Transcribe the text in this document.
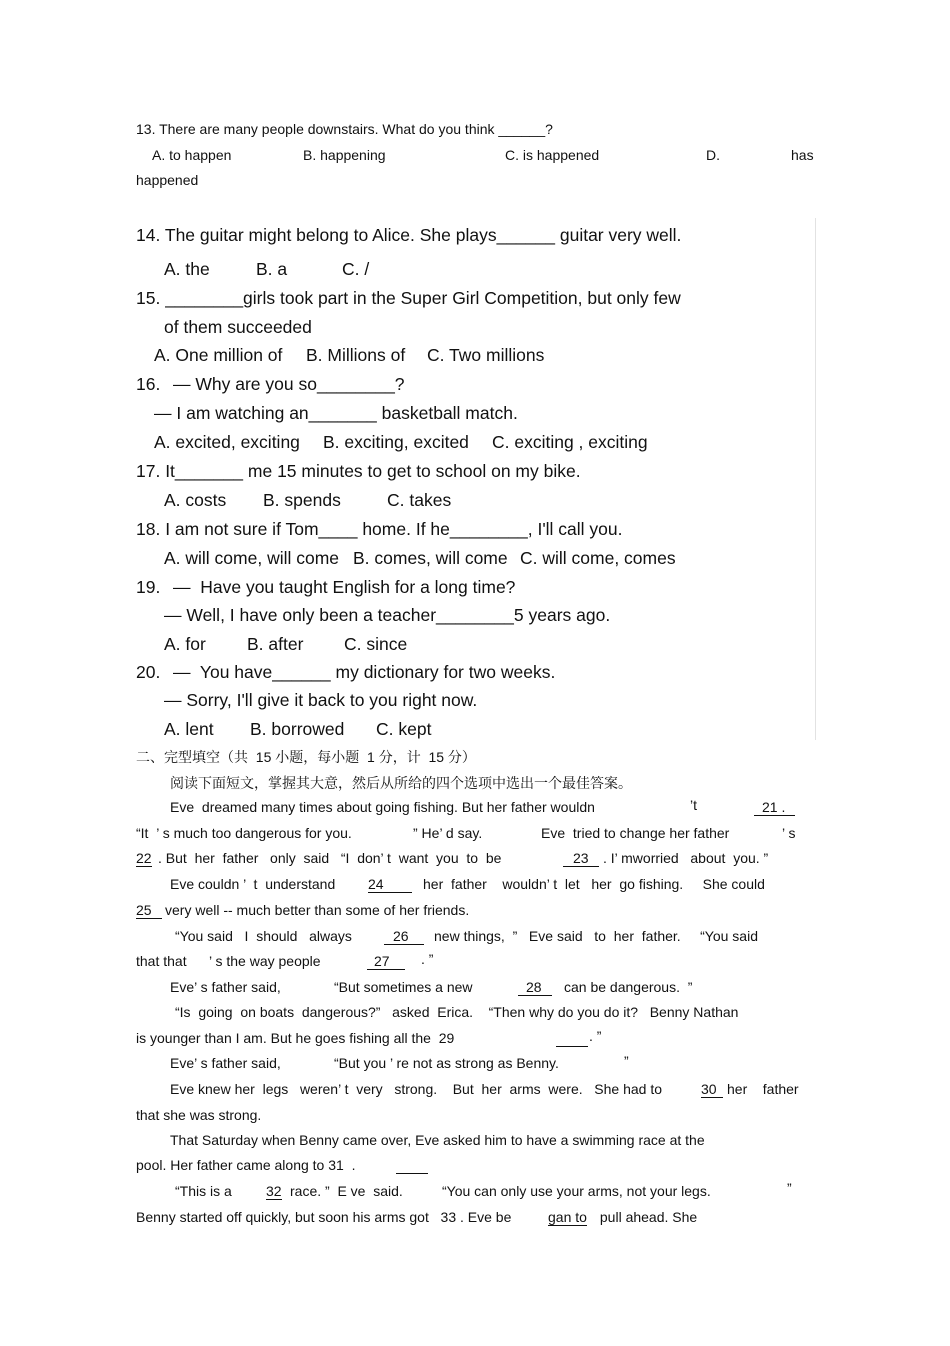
13. There are many people downstairs. What do you think ______?
A. to happen	B. happening	C. is happened	D.	has
happened
14. The guitar might belong to Alice. She plays______ guitar very well.
A. the	B. a	C. /
15. ________girls took part in the Super Girl Competition, but only few
of them succeeded
A. One million of B. Millions of C. Two millions
16. — Why are you so________?
— I am watching an_______ basketball match.
A. excited, exciting B. exciting, excited C. exciting , exciting
17. It_______ me 15 minutes to get to school on my bike.
A. costs B. spends	C. takes
18. I am not sure if Tom____ home. If he________, I'll call you.
A. will come, will come B. comes, will come C. will come, comes
19. —  Have you taught English for a long time?
— Well, I have only been a teacher________5 years ago.
A. for B. after C. since
20. —  You have______ my dictionary for two weeks.
— Sorry, I'll give it back to you right now.
A. lent B. borrowed C. kept
二、完型填空（共  15 小题，每小题  1 分，计  15 分）
阅读下面短文，掌握其大意，然后从所给的四个选项中选出一个最佳答案。
Eve  dreamed many times about going fishing. But her father wouldn	’t	21 .
“It  ’ s much too dangerous for you.	” He’ d say.	Eve  tried to change her father	’ s
22 . But  her  father   only  said   “I  don’ t  want  you  to  be	23	. I’ mworried   about  you. ”
Eve couldn ’  t  understand 24	her  father    wouldn’ t  let   her  go fishing.     She could
25 very well -- much better than some of her friends.
“You said   I  should   always	26	new things,  ”   Eve said   to  her  father.     “You said
that that ’ s the way people	27	. ”
Eve’ s father said,	“But sometimes a new	28	can be dangerous.  ”
“Is  going  on boats  dangerous?”   asked  Erica.    “Then why do you do it?   Benny Nathan
is younger than I am. But he goes fishing all the  29	. ”
Eve’ s father said,	“But you ’ re not as strong as Benny.	”
Eve knew her  legs   weren’ t  very   strong.    But  her  arms  were.   She had to	30 her    father
that she was strong.
That Saturday when Benny came over, Eve asked him to have a swimming race at the
pool. Her father came along to 31  .
“This is a 32 race. ”  E ve  said.	“You can only use your arms, not your legs.	”
Benny started off quickly, but soon his arms got   33 . Eve be	gan to pull ahead. She
